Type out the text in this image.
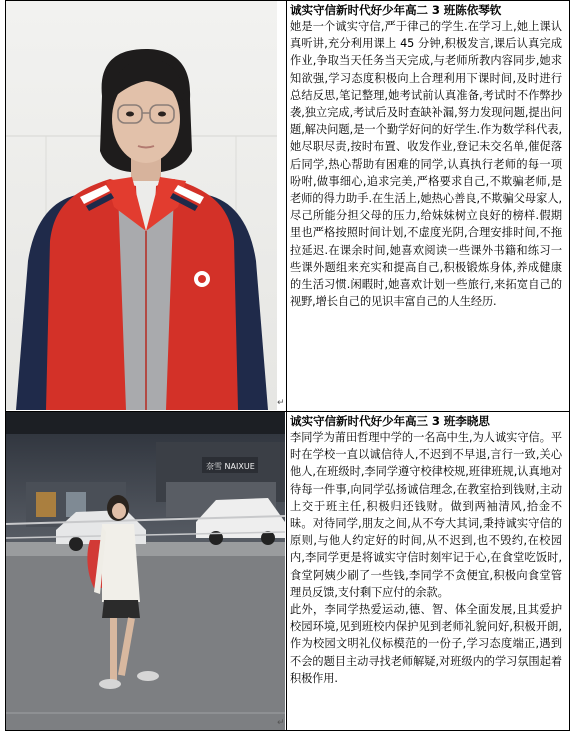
↵

诚实守信新时代好少年高二 3 班陈依琴钦

她是一个诚实守信,严于律己的学生.在学习上,她上课认真听讲,充分利用课上 45 分钟,积极发言,课后认真完成作业,争取当天任务当天完成,与老师所教内容同步,她求知欲强,学习态度积极向上合理利用下课时间,及时进行总结反思,笔记整理,她考试前认真准备,考试时不作弊抄袭,独立完成,考试后及时查缺补漏,努力发现问题,提出问题,解决问题,是一个勤学好问的好学生.作为数学科代表,她尽职尽责,按时布置、收发作业,登记未交名单,催促落后同学,热心帮助有困难的同学,认真执行老师的每一项吩咐,做事细心,追求完美,严格要求自己,不欺骗老师,是老师的得力助手.在生活上,她热心善良,不欺骗父母家人,尽己所能分担父母的压力,给妹妹树立良好的榜样.假期里也严格按照时间计划,不虚度光阴,合理安排时间,不拖拉延迟.在课余时间,她喜欢阅读一些课外书籍和练习一些课外题组来充实和提高自己,积极锻炼身体,养成健康的生活习惯.闲暇时,她喜欢计划一些旅行,来拓宽自己的视野,增长自己的见识丰富自己的人生经历.

奈雪 NAIXUE
↵

诚实守信新时代好少年高三 3 班李晓思

李同学为莆田哲理中学的一名高中生,为人诚实守信。平时在学校一直以诚信待人,不迟到不早退,言行一致,关心他人,在班级时,李同学遵守校律校规,班律班规,认真地对待每一件事,向同学弘扬诚信理念,在教室拾到钱财,主动上交于班主任,积极归还钱财。做到两袖清风,拾金不昧。对待同学,朋友之间,从不夸大其词,秉持诚实守信的原则,与他人约定好的时间,从不迟到,也不毁约,在校园内,李同学更是将诚实守信时刻牢记于心,在食堂吃饭时,食堂阿姨少刷了一些钱,李同学不贪便宜,积极向食堂管理员反馈,支付剩下应付的余款。

此外，李同学热爱运动,德、智、体全面发展,且其爱护校园环境,见到班校内保护见到老师礼貌问好,积极开朗,作为校园文明礼仪标模范的一份子,学习态度端正,遇到不会的题目主动寻找老师解疑,对班级内的学习氛围起着积极作用.
